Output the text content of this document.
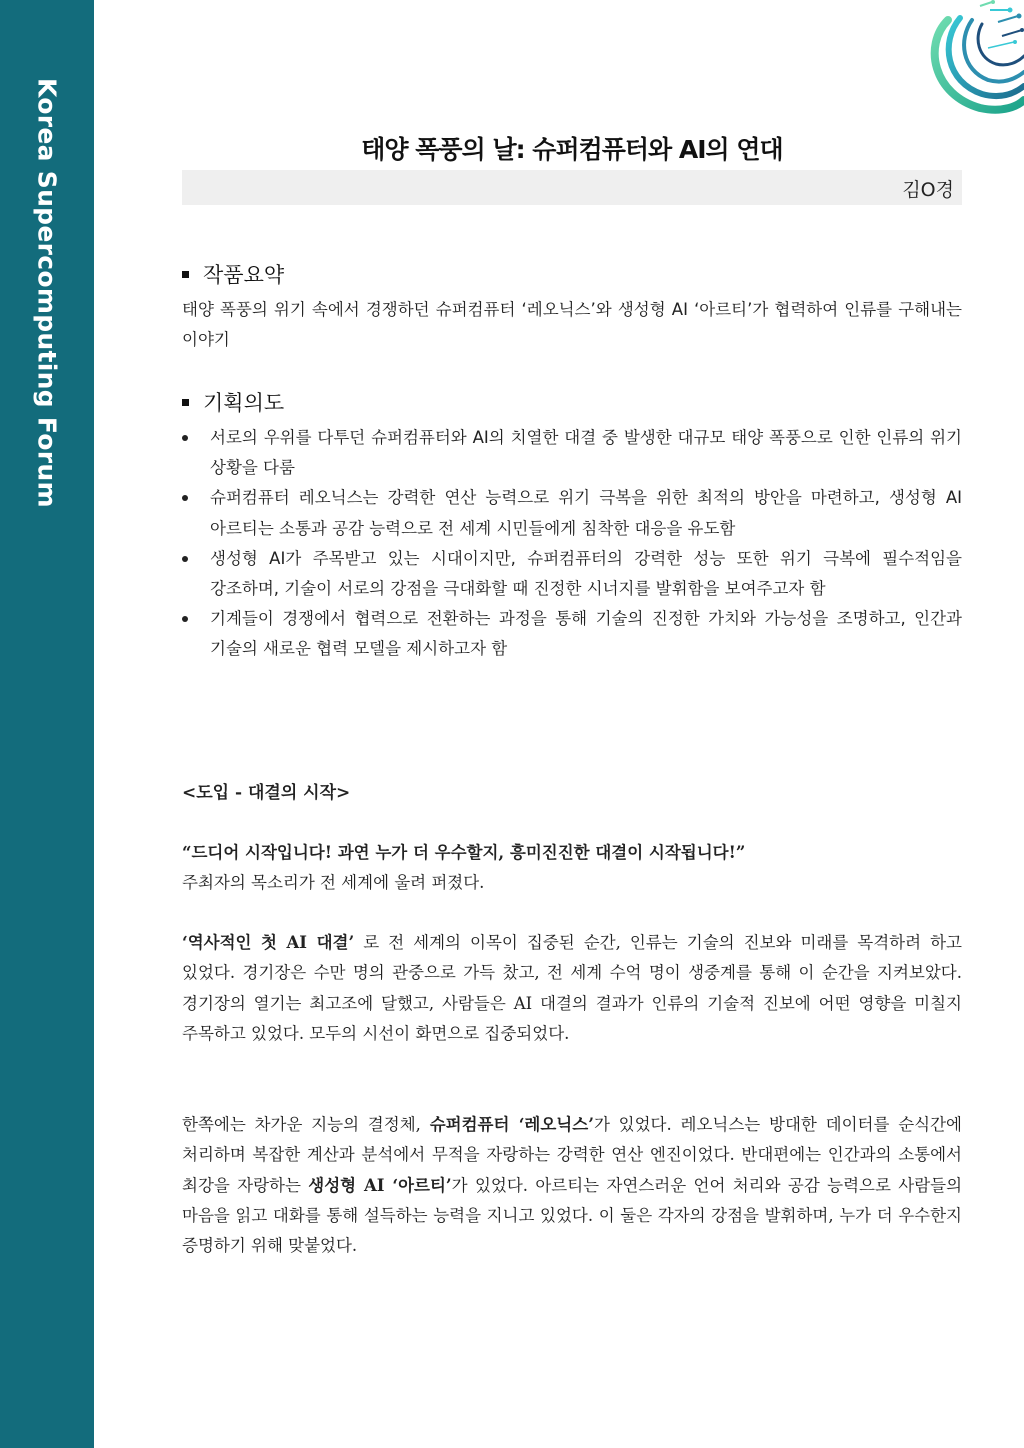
Korea Supercomputing Forum	태양 폭풍의 날: 슈퍼컴퓨터와 AI의 연대
김O경
작품요약
태양 폭풍의 위기 속에서 경쟁하던 슈퍼컴퓨터 ‘레오닉스’와 생성형 AI ‘아르티’가 협력하여 인류를 구해내는 이야기
기획의도
서로의 우위를 다투던 슈퍼컴퓨터와 AI의 치열한 대결 중 발생한 대규모 태양 폭풍으로 인한 인류의 위기 상황을 다룸
슈퍼컴퓨터 레오닉스는 강력한 연산 능력으로 위기 극복을 위한 최적의 방안을 마련하고, 생성형 AI 아르티는 소통과 공감 능력으로 전 세계 시민들에게 침착한 대응을 유도함
생성형 AI가 주목받고 있는 시대이지만, 슈퍼컴퓨터의 강력한 성능 또한 위기 극복에 필수적임을 강조하며, 기술이 서로의 강점을 극대화할 때 진정한 시너지를 발휘함을 보여주고자 함
기계들이 경쟁에서 협력으로 전환하는 과정을 통해 기술의 진정한 가치와 가능성을 조명하고, 인간과 기술의 새로운 협력 모델을 제시하고자 함
<도입 - 대결의 시작>

“드디어 시작입니다! 과연 누가 더 우수할지, 흥미진진한 대결이 시작됩니다!”
주최자의 목소리가 전 세계에 울려 퍼졌다.

‘역사적인 첫 AI 대결’ 로 전 세계의 이목이 집중된 순간, 인류는 기술의 진보와 미래를 목격하려 하고 있었다. 경기장은 수만 명의 관중으로 가득 찼고, 전 세계 수억 명이 생중계를 통해 이 순간을 지켜보았다. 경기장의 열기는 최고조에 달했고, 사람들은 AI 대결의 결과가 인류의 기술적 진보에 어떤 영향을 미칠지 주목하고 있었다. 모두의 시선이 화면으로 집중되었다.

한쪽에는 차가운 지능의 결정체, 슈퍼컴퓨터 ‘레오닉스’가 있었다. 레오닉스는 방대한 데이터를 순식간에 처리하며 복잡한 계산과 분석에서 무적을 자랑하는 강력한 연산 엔진이었다. 반대편에는 인간과의 소통에서 최강을 자랑하는 생성형 AI ‘아르티’가 있었다. 아르티는 자연스러운 언어 처리와 공감 능력으로 사람들의 마음을 읽고 대화를 통해 설득하는 능력을 지니고 있었다. 이 둘은 각자의 강점을 발휘하며, 누가 더 우수한지 증명하기 위해 맞붙었다.
